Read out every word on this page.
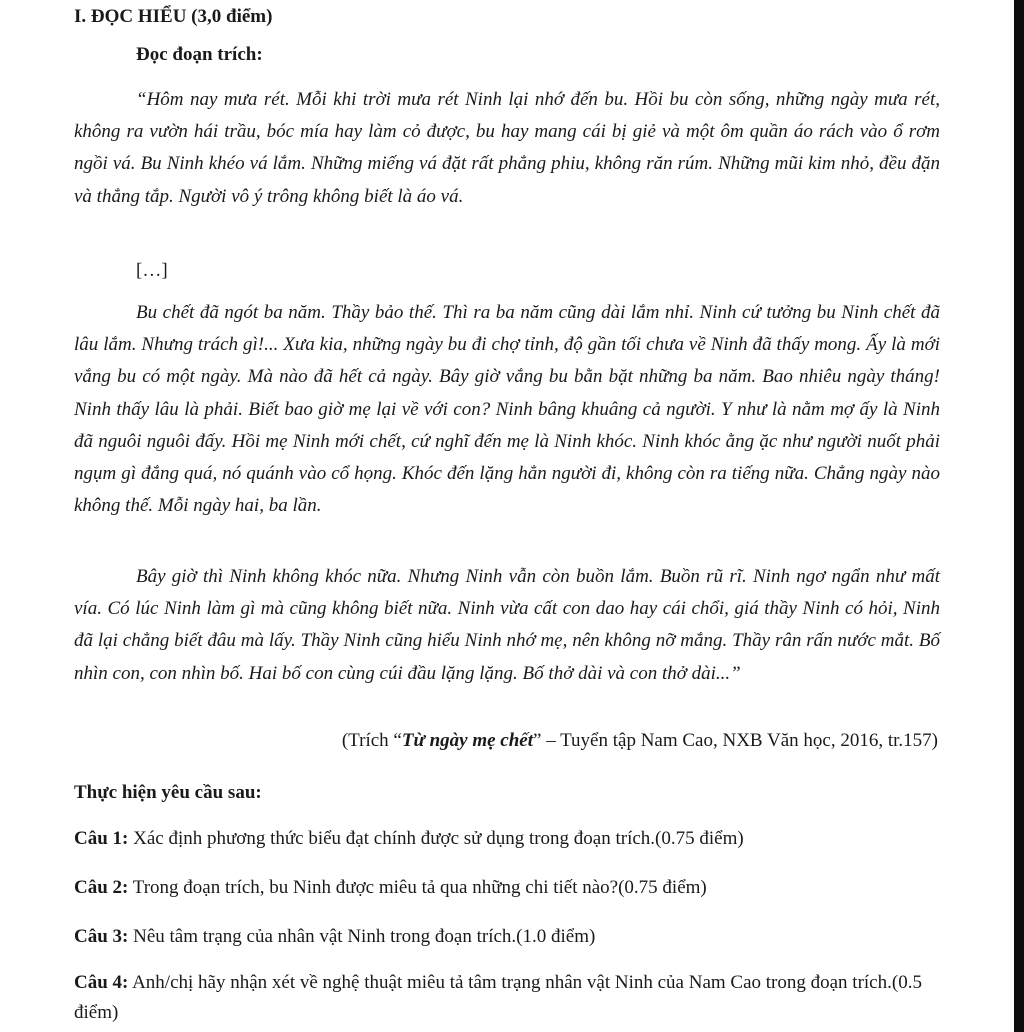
I. ĐỌC HIỂU (3,0 điểm)
Đọc đoạn trích:

“Hôm nay mưa rét. Mỗi khi trời mưa rét Ninh lại nhớ đến bu. Hồi bu còn sống, những ngày mưa rét, không ra vườn hái trầu, bóc mía hay làm cỏ được, bu hay mang cái bị giẻ và một ôm quần áo rách vào ổ rơm ngồi vá. Bu Ninh khéo vá lắm. Những miếng vá đặt rất phẳng phiu, không răn rúm. Những mũi kim nhỏ, đều đặn và thẳng tắp. Người vô ý trông không biết là áo vá.

[…]

Bu chết đã ngót ba năm. Thầy bảo thế. Thì ra ba năm cũng dài lắm nhỉ. Ninh cứ tưởng bu Ninh chết đã lâu lắm. Nhưng trách gì!... Xưa kia, những ngày bu đi chợ tỉnh, độ gần tối chưa về Ninh đã thấy mong. Ấy là mới vắng bu có một ngày. Mà nào đã hết cả ngày. Bây giờ vắng bu bằn bặt những ba năm. Bao nhiêu ngày tháng! Ninh thấy lâu là phải. Biết bao giờ mẹ lại về với con? Ninh bâng khuâng cả người. Y như là nằm mợ ấy là Ninh đã nguôi nguôi đấy. Hồi mẹ Ninh mới chết, cứ nghĩ đến mẹ là Ninh khóc. Ninh khóc ằng ặc như người nuốt phải ngụm gì đắng quá, nó quánh vào cổ họng. Khóc đến lặng hẳn người đi, không còn ra tiếng nữa. Chẳng ngày nào không thế. Mỗi ngày hai, ba lần.

Bây giờ thì Ninh không khóc nữa. Nhưng Ninh vẫn còn buồn lắm. Buồn rũ rĩ. Ninh ngơ ngẩn như mất vía. Có lúc Ninh làm gì mà cũng không biết nữa. Ninh vừa cất con dao hay cái chổi, giá thầy Ninh có hỏi, Ninh đã lại chẳng biết đâu mà lấy. Thầy Ninh cũng hiểu Ninh nhớ mẹ, nên không nỡ mắng. Thầy rân rấn nước mắt. Bố nhìn con, con nhìn bố. Hai bố con cùng cúi đầu lặng lặng. Bố thở dài và con thở dài...”

(Trích “Từ ngày mẹ chết” – Tuyển tập Nam Cao, NXB Văn học, 2016, tr.157)
Thực hiện yêu cầu sau:
Câu 1: Xác định phương thức biểu đạt chính được sử dụng trong đoạn trích.(0.75 điểm)
Câu 2: Trong đoạn trích, bu Ninh được miêu tả qua những chi tiết nào?(0.75 điểm)
Câu 3: Nêu tâm trạng của nhân vật Ninh trong đoạn trích.(1.0 điểm)
Câu 4: Anh/chị hãy nhận xét về nghệ thuật miêu tả tâm trạng nhân vật Ninh của Nam Cao trong đoạn trích.(0.5 điểm)
